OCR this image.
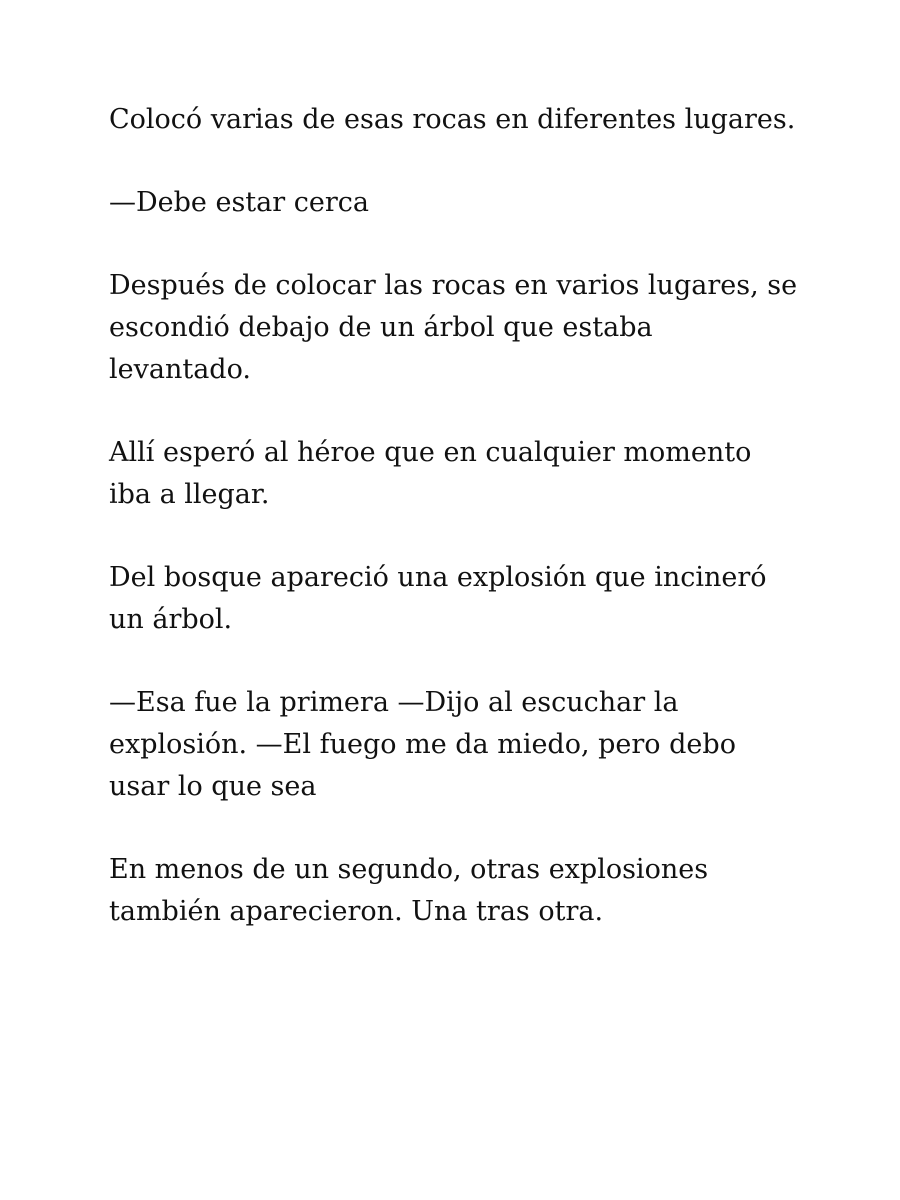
Colocó varias de esas rocas en diferentes lugares.

—Debe estar cerca

Después de colocar las rocas en varios lugares, se escondió debajo de un árbol que estaba levantado.

Allí esperó al héroe que en cualquier momento iba a llegar.

Del bosque apareció una explosión que incineró un árbol.

—Esa fue la primera —Dijo al escuchar la explosión. —El fuego me da miedo, pero debo usar lo que sea

En menos de un segundo, otras explosiones también aparecieron. Una tras otra.
